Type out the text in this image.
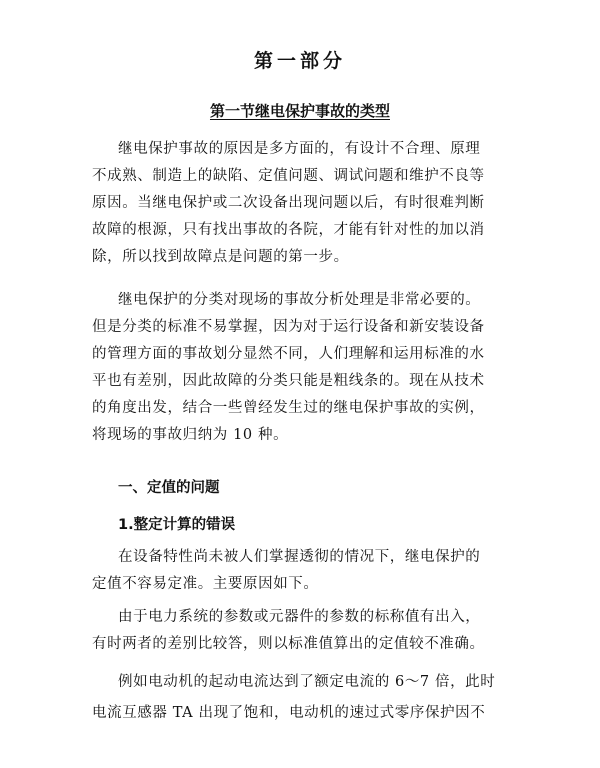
第一部分
第一节继电保护事故的类型
继电保护事故的原因是多方面的，有设计不合理、原理
不成熟、制造上的缺陷、定值问题、调试问题和维护不良等
原因。当继电保护或二次设备出现问题以后，有时很难判断
故障的根源，只有找出事故的各院，才能有针对性的加以消
除，所以找到故障点是问题的第一步。
继电保护的分类对现场的事故分析处理是非常必要的。
但是分类的标准不易掌握，因为对于运行设备和新安装设备
的管理方面的事故划分显然不同，人们理解和运用标准的水
平也有差别，因此故障的分类只能是粗线条的。现在从技术
的角度出发，结合一些曾经发生过的继电保护事故的实例，
将现场的事故归纳为 10 种。
一、定值的问题
1.整定计算的错误
在设备特性尚未被人们掌握透彻的情况下，继电保护的
定值不容易定准。主要原因如下。
由于电力系统的参数或元器件的参数的标称值有出入，
有时两者的差别比较答，则以标准值算出的定值较不准确。
例如电动机的起动电流达到了额定电流的 6～7 倍，此时
电流互感器 TA 出现了饱和，电动机的速过式零序保护因不
